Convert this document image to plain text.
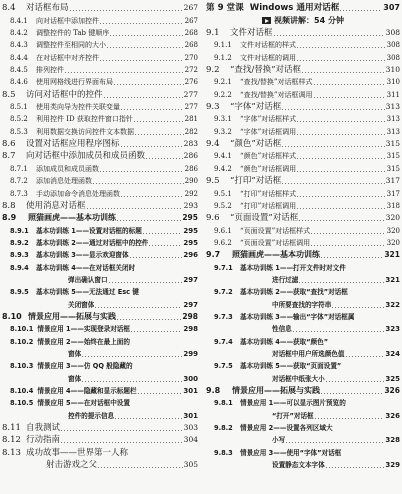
8.4	对话框布局	267
8.4.1	向对话框中添加控件	267
8.4.2	调整控件的 Tab 键顺序	268
8.4.3	调整控件至相同的大小	268
8.4.4	在对话框中对齐控件	270
8.4.5	排列控件	272
8.4.6	使用网格线进行界面布局	276
8.5	访问对话框中的控件	277
8.5.1	使用类向导为控件关联变量	277
8.5.2	利用控件 ID 获取控件窗口指针	281
8.5.3	利用数据交换访问控件文本数据	282
8.6	设置对话框应用程序图标	283
8.7	向对话框中添加成员和成员函数	286
8.7.1	添加成员和成员函数	286
8.7.2	添加消息处理函数	290
8.7.3	手动添加命令消息处理函数	292
8.8	使用消息对话框	293
8.9	照猫画虎——基本功训练	295
8.9.1	基本功训练 1——设置对话框的标题	295
8.9.2	基本功训练 2——通过对话框中的控件	295
8.9.3	基本功训练 3——显示欢迎窗体	296
8.9.4	基本功训练 4——在对话框关闭时
弹出确认窗口	297
8.9.5	基本功训练 5——无法通过 Esc 键
关闭窗体	297
8.10 情景应用——拓展与实践	298
8.10.1 情景应用 1——实现登录对话框	298
8.10.2 情景应用 2——始终在最上面的
窗体	299
8.10.3 情景应用 3——仿 QQ 般隐藏的
窗体	300
8.10.4 情景应用 4——隐藏和显示标题栏	301
8.10.5 情景应用 5——在对话框中设置
控件的提示信息	301
8.11 自我测试	303
8.12 行动指南	304
8.13 成功故事——世界第一人称
射击游戏之父	305
第 9 堂课 Windows 通用对话框	307
视频讲解：54 分钟
9.1	文件对话框	308
9.1.1	文件对话框的样式	308
9.1.2	文件对话框的调用	308
9.2	“查找/替换”对话框	310
9.2.1	“查找/替换”对话框样式	310
9.2.2	“查找/替换”对话框调用	311
9.3	“字体”对话框	313
9.3.1	“字体”对话框样式	313
9.3.2	“字体”对话框调用	313
9.4	“颜色”对话框	315
9.4.1	“颜色”对话框样式	315
9.4.2	“颜色”对话框调用	315
9.5	“打印”对话框	317
9.5.1	“打印”对话框样式	317
9.5.2	“打印”对话框调用	318
9.6	“页面设置”对话框	320
9.6.1	“页面设置”对话框样式	320
9.6.2	“页面设置”对话框调用	320
9.7	照猫画虎——基本功训练	321
9.7.1	基本功训练 1——打开文件时对文件
进行过滤	321
9.7.2	基本功训练 2——获取“查找”对话框
中所要查找的字符串	322
9.7.3	基本功训练 3——输出“字体”对话框属
性信息	323
9.7.4	基本功训练 4——获取“颜色”
对话框中用户所选颜色值	324
9.7.5	基本功训练 5——获取“页面设置”
对话框中纸张大小	325
9.8	情景应用——拓展与实践	326
9.8.1	情景应用 1——可以显示图片预览的
“打开”对话框	326
9.8.2	情景应用 2——设置各列区域大
小写	328
9.8.3	情景应用 3——使用“字体”对话框
设置静态文本字体	329
